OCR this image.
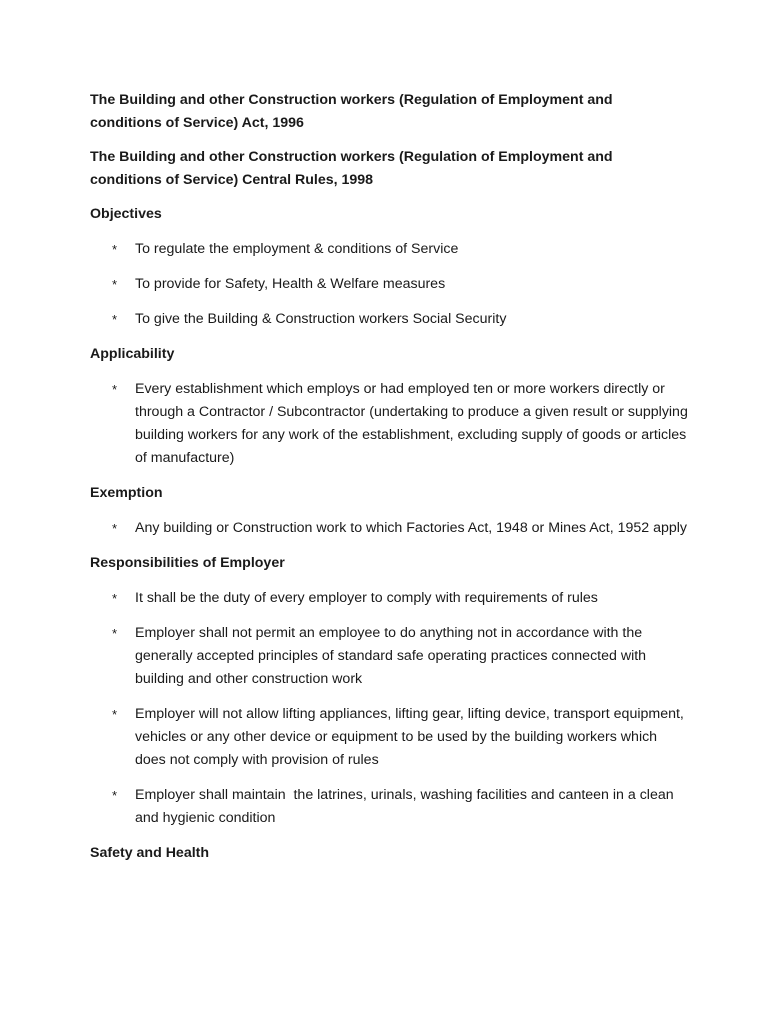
The Building and other Construction workers (Regulation of Employment and conditions of Service) Act, 1996
The Building and other Construction workers (Regulation of Employment and conditions of Service) Central Rules, 1998
Objectives
* To regulate the employment & conditions of Service
* To provide for Safety, Health & Welfare measures
* To give the Building & Construction workers Social Security
Applicability
* Every establishment which employs or had employed ten or more workers directly or through a Contractor / Subcontractor (undertaking to produce a given result or supplying building workers for any work of the establishment, excluding supply of goods or articles of manufacture)
Exemption
* Any building or Construction work to which Factories Act, 1948 or Mines Act, 1952 apply
Responsibilities of Employer
* It shall be the duty of every employer to comply with requirements of rules
* Employer shall not permit an employee to do anything not in accordance with the generally accepted principles of standard safe operating practices connected with building and other construction work
* Employer will not allow lifting appliances, lifting gear, lifting device, transport equipment, vehicles or any other device or equipment to be used by the building workers which does not comply with provision of rules
* Employer shall maintain  the latrines, urinals, washing facilities and canteen in a clean and hygienic condition
Safety and Health
